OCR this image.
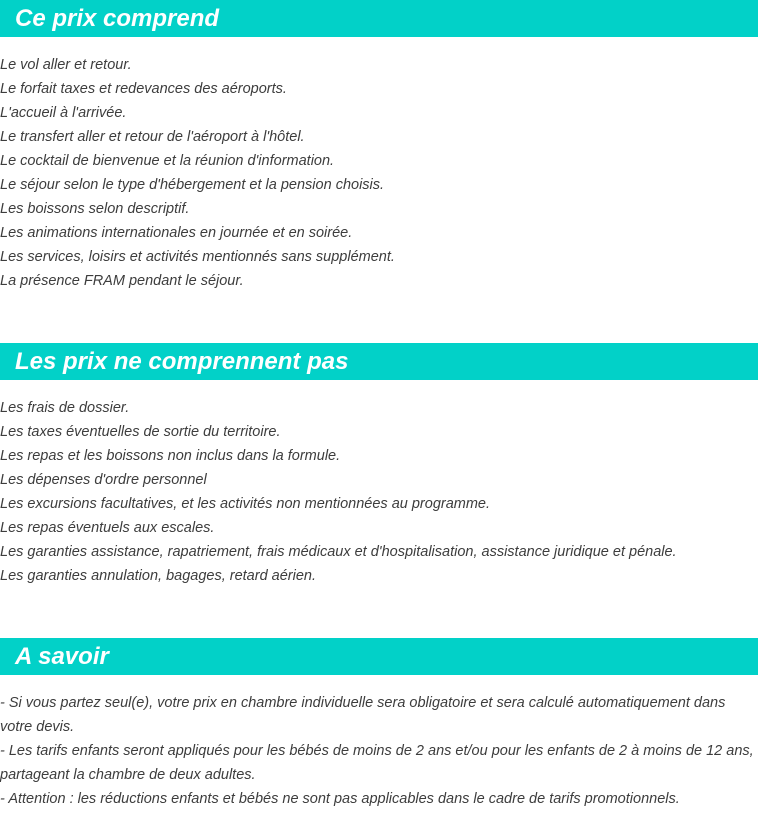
Ce prix comprend
Le vol aller et retour.
Le forfait taxes et redevances des aéroports.
L'accueil à l'arrivée.
Le transfert aller et retour de l'aéroport à l'hôtel.
Le cocktail de bienvenue et la réunion d'information.
Le séjour selon le type d'hébergement et la pension choisis.
Les boissons selon descriptif.
Les animations internationales en journée et en soirée.
Les services, loisirs et activités mentionnés sans supplément.
La présence FRAM pendant le séjour.
Les prix ne comprennent pas
Les frais de dossier.
Les taxes éventuelles de sortie du territoire.
Les repas et les boissons non inclus dans la formule.
Les dépenses d'ordre personnel
Les excursions facultatives, et les activités non mentionnées au programme.
Les repas éventuels aux escales.
Les garanties assistance, rapatriement, frais médicaux et d'hospitalisation, assistance juridique et pénale.
Les garanties annulation, bagages, retard aérien.
A savoir
- Si vous partez seul(e), votre prix en chambre individuelle sera obligatoire et sera calculé automatiquement dans votre devis.
- Les tarifs enfants seront appliqués pour les bébés de moins de 2 ans et/ou pour les enfants de 2 à moins de 12 ans, partageant la chambre de deux adultes.
- Attention : les réductions enfants et bébés ne sont pas applicables dans le cadre de tarifs promotionnels.
